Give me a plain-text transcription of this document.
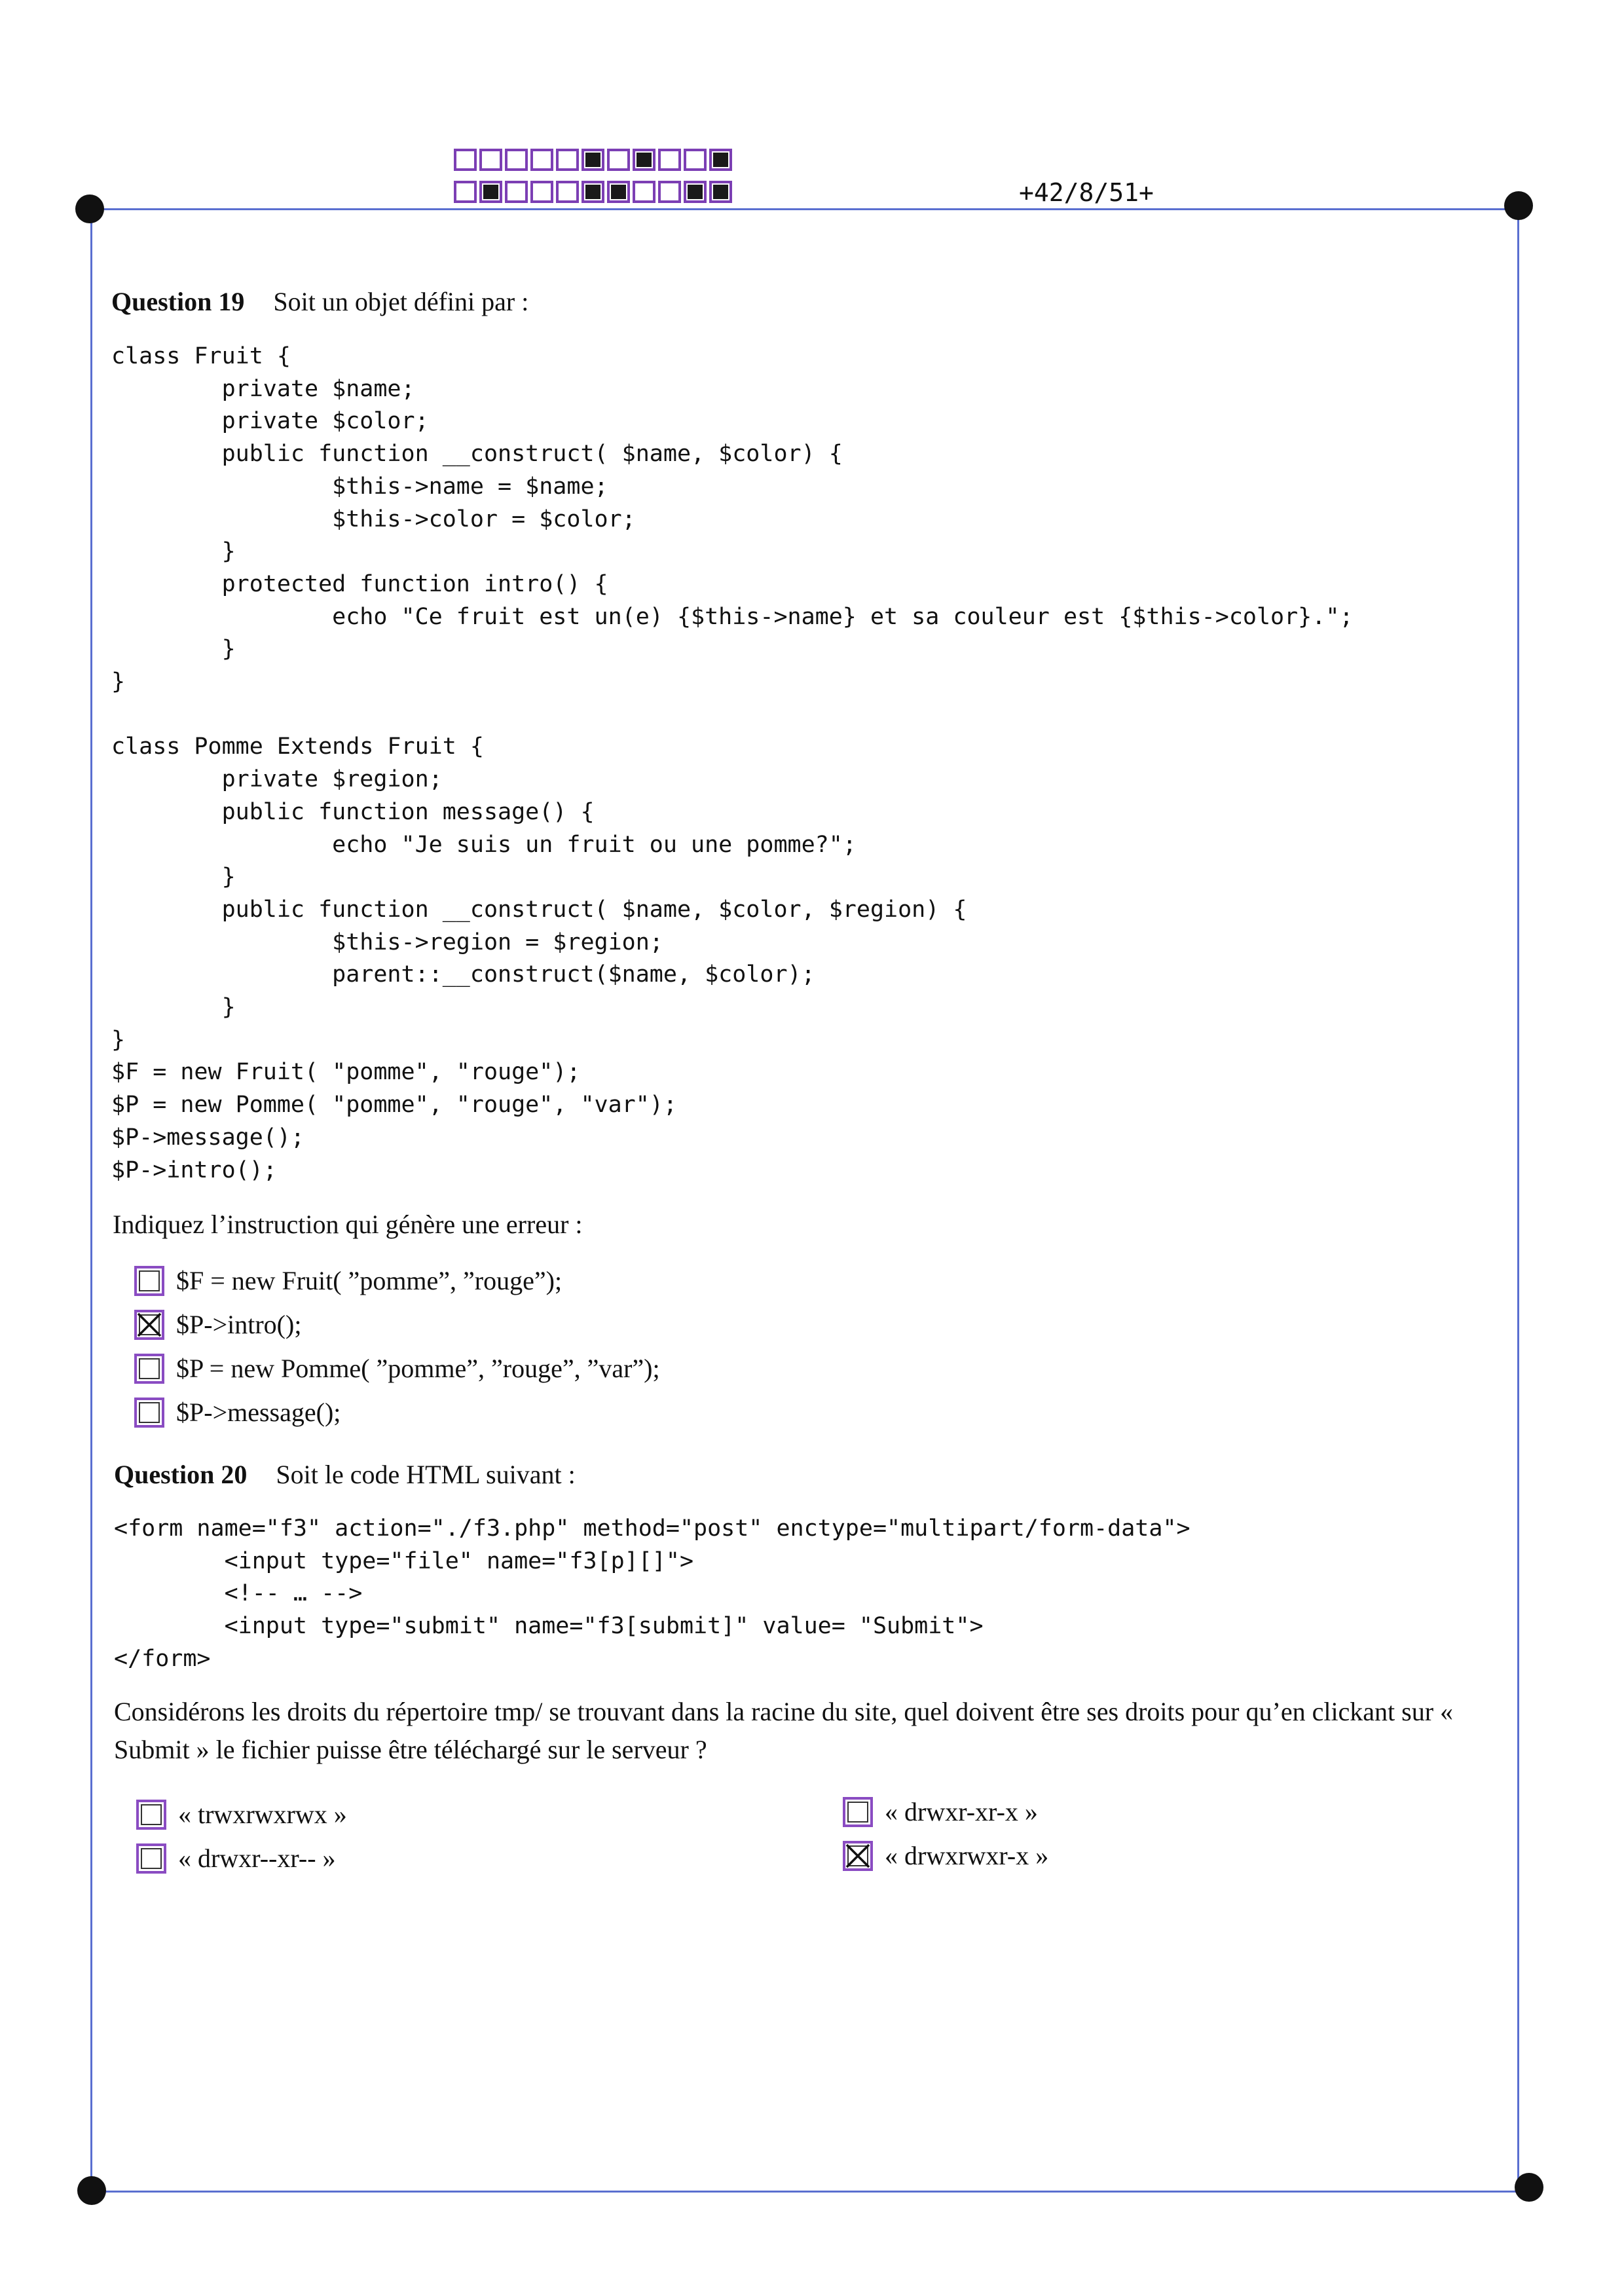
+42/8/51+
Question 19 Soit un objet défini par :
class Fruit {
private $name;
private $color;
public function __construct( $name, $color) {
$this->name = $name;
$this->color = $color;
}
protected function intro() {
echo "Ce fruit est un(e) {$this->name} et sa couleur est {$this->color}.";
}
}

class Pomme Extends Fruit {
private $region;
public function message() {
echo "Je suis un fruit ou une pomme?";
}
public function __construct( $name, $color, $region) {
$this->region = $region;
parent::__construct($name, $color);
}
}
$F = new Fruit( "pomme", "rouge");
$P = new Pomme( "pomme", "rouge", "var");
$P->message();
$P->intro();
Indiquez l’instruction qui génère une erreur :
$F = new Fruit( ”pomme”, ”rouge”);
$P->intro();
$P = new Pomme( ”pomme”, ”rouge”, ”var”);
$P->message();
Question 20 Soit le code HTML suivant :
<form name="f3" action="./f3.php" method="post" enctype="multipart/form-data">
<input type="file" name="f3[p][]">
<!-- … -->
<input type="submit" name="f3[submit]" value= "Submit">
</form>
Considérons les droits du répertoire tmp/ se trouvant dans la racine du site, quel doivent être ses droits pour qu’en clickant sur « Submit » le fichier puisse être téléchargé sur le serveur ?
« trwxrwxrwx »
« drwxr--xr-- »
« drwxr-xr-x »
« drwxrwxr-x »
